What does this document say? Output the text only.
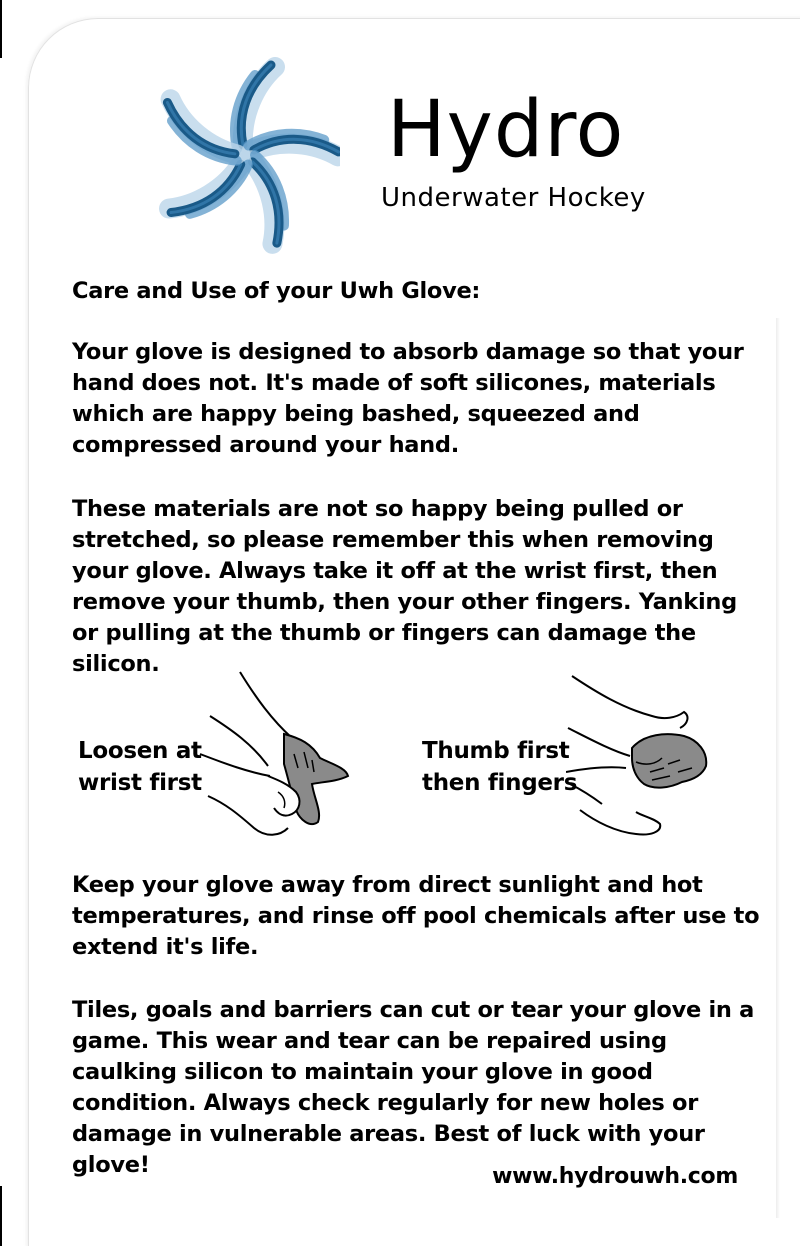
Hydro
Underwater Hockey

Care and Use of your Uwh Glove:

Your glove is designed to absorb damage so that your hand does not. It's made of soft silicones, materials which are happy being bashed, squeezed and compressed around your hand.

These materials are not so happy being pulled or stretched, so please remember this when removing your glove. Always take it off at the wrist first, then remove your thumb, then your other fingers. Yanking or pulling at the thumb or fingers can damage the silicon.

Loosen at
wrist first

Thumb first
then fingers

Keep your glove away from direct sunlight and hot temperatures, and rinse off pool chemicals after use to extend it's life.

Tiles, goals and barriers can cut or tear your glove in a game. This wear and tear can be repaired using caulking silicon to maintain your glove in good condition. Always check regularly for new holes or damage in vulnerable areas. Best of luck with your glove!	www.hydrouwh.com
